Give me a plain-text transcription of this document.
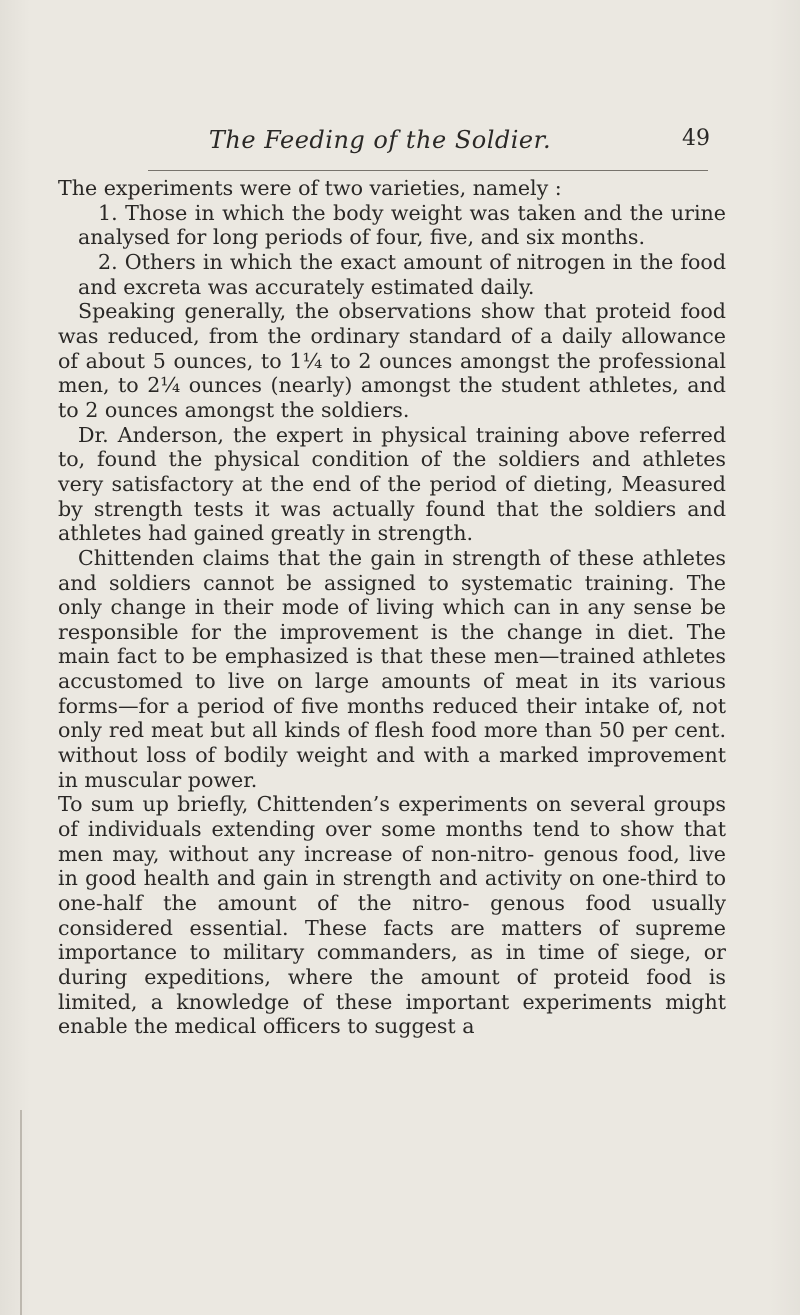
The Feeding of the Soldier.	49

The experiments were of two varieties, namely :

1. Those in which the body weight was taken and the urine analysed for long periods of four, five, and six months.

2. Others in which the exact amount of nitrogen in the food and excreta was accurately estimated daily.

Speaking generally, the observations show that proteid food was reduced, from the ordinary standard of a daily allowance of about 5 ounces, to 1¼ to 2 ounces amongst the professional men, to 2¼ ounces (nearly) amongst the student athletes, and to 2 ounces amongst the soldiers.

Dr. Anderson, the expert in physical training above referred to, found the physical condition of the soldiers and athletes very satisfactory at the end of the period of dieting, Measured by strength tests it was actually found that the soldiers and athletes had gained greatly in strength.

Chittenden claims that the gain in strength of these athletes and soldiers cannot be assigned to systematic training. The only change in their mode of living which can in any sense be responsible for the improvement is the change in diet. The main fact to be emphasized is that these men—trained athletes accustomed to live on large amounts of meat in its various forms—for a period of five months reduced their intake of, not only red meat but all kinds of flesh food more than 50 per cent. without loss of bodily weight and with a marked improvement in muscular power.

To sum up briefly, Chittenden’s experiments on several groups of individuals extending over some months tend to show that men may, without any increase of non-nitro- genous food, live in good health and gain in strength and activity on one-third to one-half the amount of the nitro- genous food usually considered essential. These facts are matters of supreme importance to military commanders, as in time of siege, or during expeditions, where the amount of proteid food is limited, a knowledge of these important experiments might enable the medical officers to suggest a
